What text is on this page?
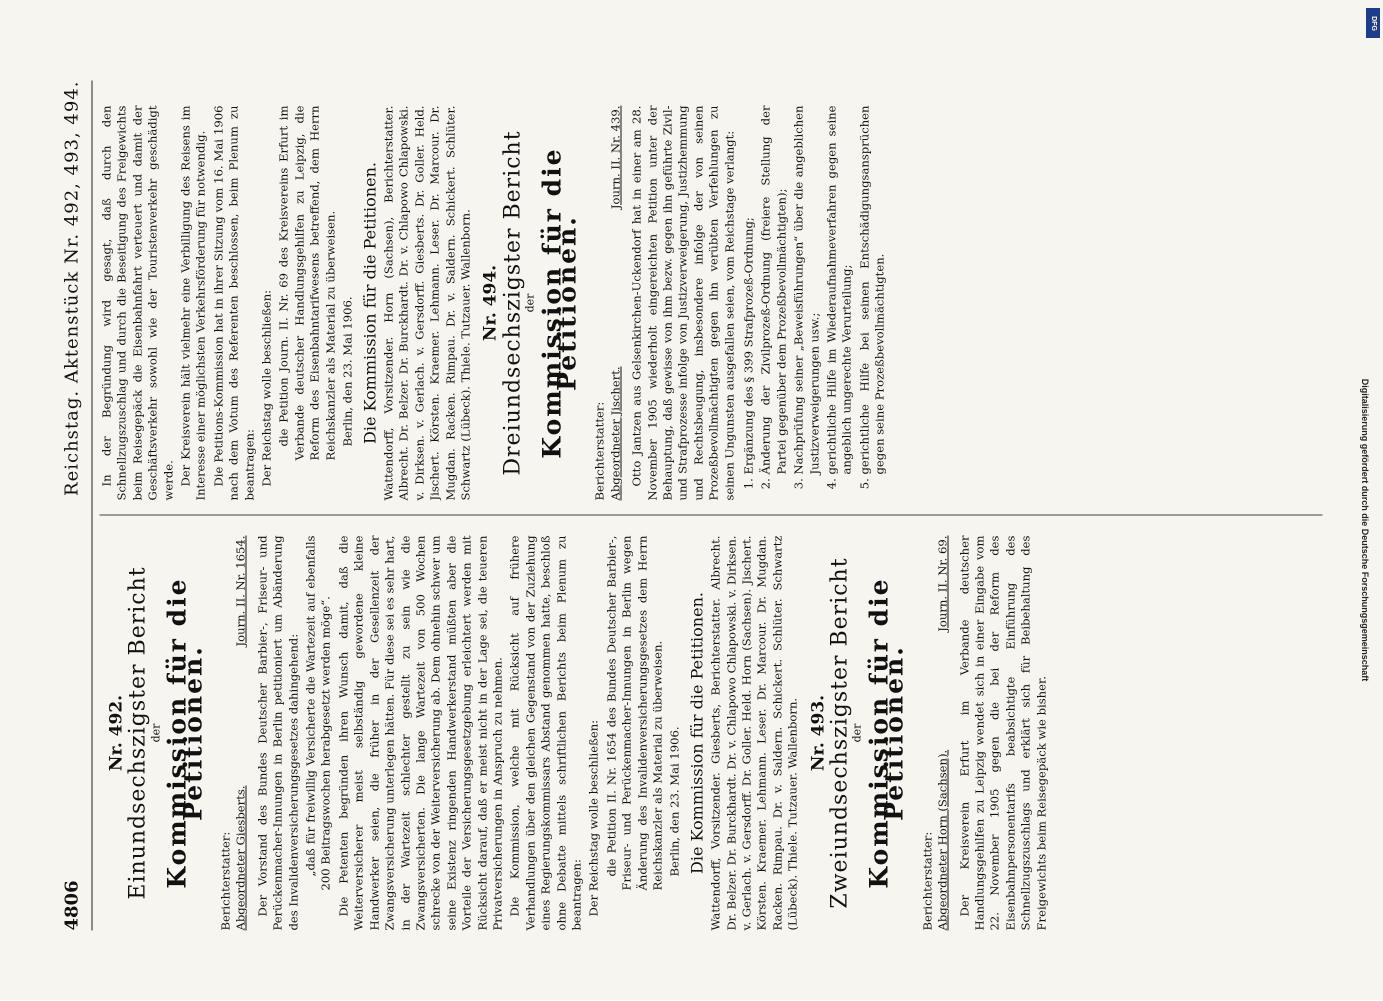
4806
Reichstag. Aktenstück Nr. 492, 493, 494.
Nr. 492. Einundsechszigster Bericht
der Kommission für die Petitionen.
Berichterstatter: Abgeordneter Giesberts.
Journ. II. Nr. 1654. Der Vorstand des Bundes Deutscher Barbier-, Friseur- und Perückenmacher-Innungen in Berlin petitioniert um Abänderung des Invalidenversicherungsgesetzes dahingehend: „daß für freiwillig Versicherte die Wartezeit auf ebenfalls 200 Beitragswochen herabgesetzt werden möge“. Die Petenten begründen ihren Wunsch damit, daß die Weiterversicherer meist selbständig gewordene kleine Handwerker seien, die früher in der Gesellenzeit der Zwangsversicherung unterlegen hätten. Für diese sei es sehr hart, in der Wartezeit schlechter gestellt zu sein wie die Zwangsversicherten. Die lange Wartezeit von 500 Wochen schrecke von der Weiterversicherung ab. Dem ohnehin schwer um seine Existenz ringenden Handwerkerstand müßten aber die Vorteile der Versicherungsgesetzgebung erleichtert werden mit Rücksicht darauf, daß er meist nicht in der Lage sei, die teueren Privatversicherungen in Anspruch zu nehmen. Die Kommission, welche mit Rücksicht auf frühere Verhandlungen über den gleichen Gegenstand von der Zuziehung eines Regierungskommissars Abstand genommen hatte, beschloß ohne Debatte mittels schriftlichen Berichts beim Plenum zu beantragen: Der Reichstag wolle beschließen: die Petition II. Nr. 1654 des Bundes Deutscher Barbier-, Friseur- und Perückenmacher-Innungen in Berlin wegen Änderung des Invalidenversicherungsgesetzes dem Herrn Reichskanzler als Material zu überweisen. Berlin, den 23. Mai 1906. Die Kommission für die Petitionen. Wattendorff, Vorsitzender. Giesberts, Berichterstatter. Albrecht. Dr. Belzer. Dr. Burckhardt. Dr. v. Chlapowo Chlapowski. v. Dirksen. v. Gerlach. v. Gersdorff. Dr. Goller. Held. Horn (Sachsen). Jischert. Körsten. Kraemer. Lehmann. Leser. Dr. Marcour. Dr. Mugdan. Racken. Rimpau. Dr. v. Saldern. Schickert. Schlüter. Schwartz (Lübeck). Thiele. Tutzauer. Wallenborn. Nr. 493. Zweiundsechszigster Bericht
der Kommission für die Petitionen.
Berichterstatter: Abgeordneter Horn (Sachsen).
Journ. II. Nr. 69. Der Kreisverein Erfurt im Verbande deutscher Handlungsgehilfen zu Leipzig wendet sich in einer Eingabe vom 22. November 1905 gegen die bei der Reform des Eisenbahnpersonentarifs beabsichtigte Einführung des Schnellzugszuschlags und erklärt sich für Beibehaltung des Freigewichts beim Reisegepäck wie bisher.

In der Begründung wird gesagt, daß durch den Schnellzugszuschlag und durch die Beseitigung des Freigewichts beim Reisegepäck die Eisenbahnfahrt verteuert und damit der Geschäftsverkehr sowohl wie der Touristenverkehr geschädigt werde. Der Kreisverein hält vielmehr eine Verbilligung des Reisens im Interesse einer möglichsten Verkehrsförderung für notwendig. Die Petitions-Kommission hat in ihrer Sitzung vom 16. Mai 1906 nach dem Votum des Referenten beschlossen, beim Plenum zu beantragen: Der Reichstag wolle beschließen: die Petition Journ. II. Nr. 69 des Kreisvereins Erfurt im Verbande deutscher Handlungsgehilfen zu Leipzig, die Reform des Eisenbahntarifwesens betreffend, dem Herrn Reichskanzler als Material zu überweisen. Berlin, den 23. Mai 1906. Die Kommission für die Petitionen. Wattendorff, Vorsitzender. Horn (Sachsen), Berichterstatter. Albrecht. Dr. Belzer. Dr. Burckhardt. Dr. v. Chlapowo Chlapowski. v. Dirksen. v. Gerlach. v. Gersdorff. Giesberts. Dr. Goller. Held. Jischert. Körsten. Kraemer. Lehmann. Leser. Dr. Marcour. Dr. Mugdan. Racken. Rimpau. Dr. v. Saldern. Schickert. Schlüter. Schwartz (Lübeck). Thiele. Tutzauer. Wallenborn. Nr. 494. Dreiundsechszigster Bericht
der Kommission für die Petitionen.
Berichterstatter: Abgeordneter Jischert.
Journ. II. Nr. 439. Otto Jantzen aus Gelsenkirchen-Uckendorf hat in einer am 28. November 1905 wiederholt eingereichten Petition unter der Behauptung, daß gewisse von ihm bezw. gegen ihn geführte Zivil- und Strafprozesse infolge von Justizverweigerung, Justizhemmung und Rechtsbeugung, insbesondere infolge der von seinen Prozeßbevollmächtigten gegen ihn verübten Verfehlungen zu seinen Ungunsten ausgefallen seien, vom Reichstage verlangt: 1. Ergänzung des § 399 Strafprozeß-Ordnung; 2. Änderung der Zivilprozeß-Ordnung (freiere Stellung der Partei gegenüber dem Prozeßbevollmächtigten); 3. Nachprüfung seiner „Beweisführungen“ über die angeblichen Justizverweigerungen usw.; 4. gerichtliche Hilfe im Wiederaufnahmeverfahren gegen seine angeblich ungerechte Verurteilung; 5. gerichtliche Hilfe bei seinen Entschädigungsansprüchen gegen seine Prozeßbevollmächtigten.
DFG
Digitalisierung gefördert durch die Deutsche Forschungsgemeinschaft
